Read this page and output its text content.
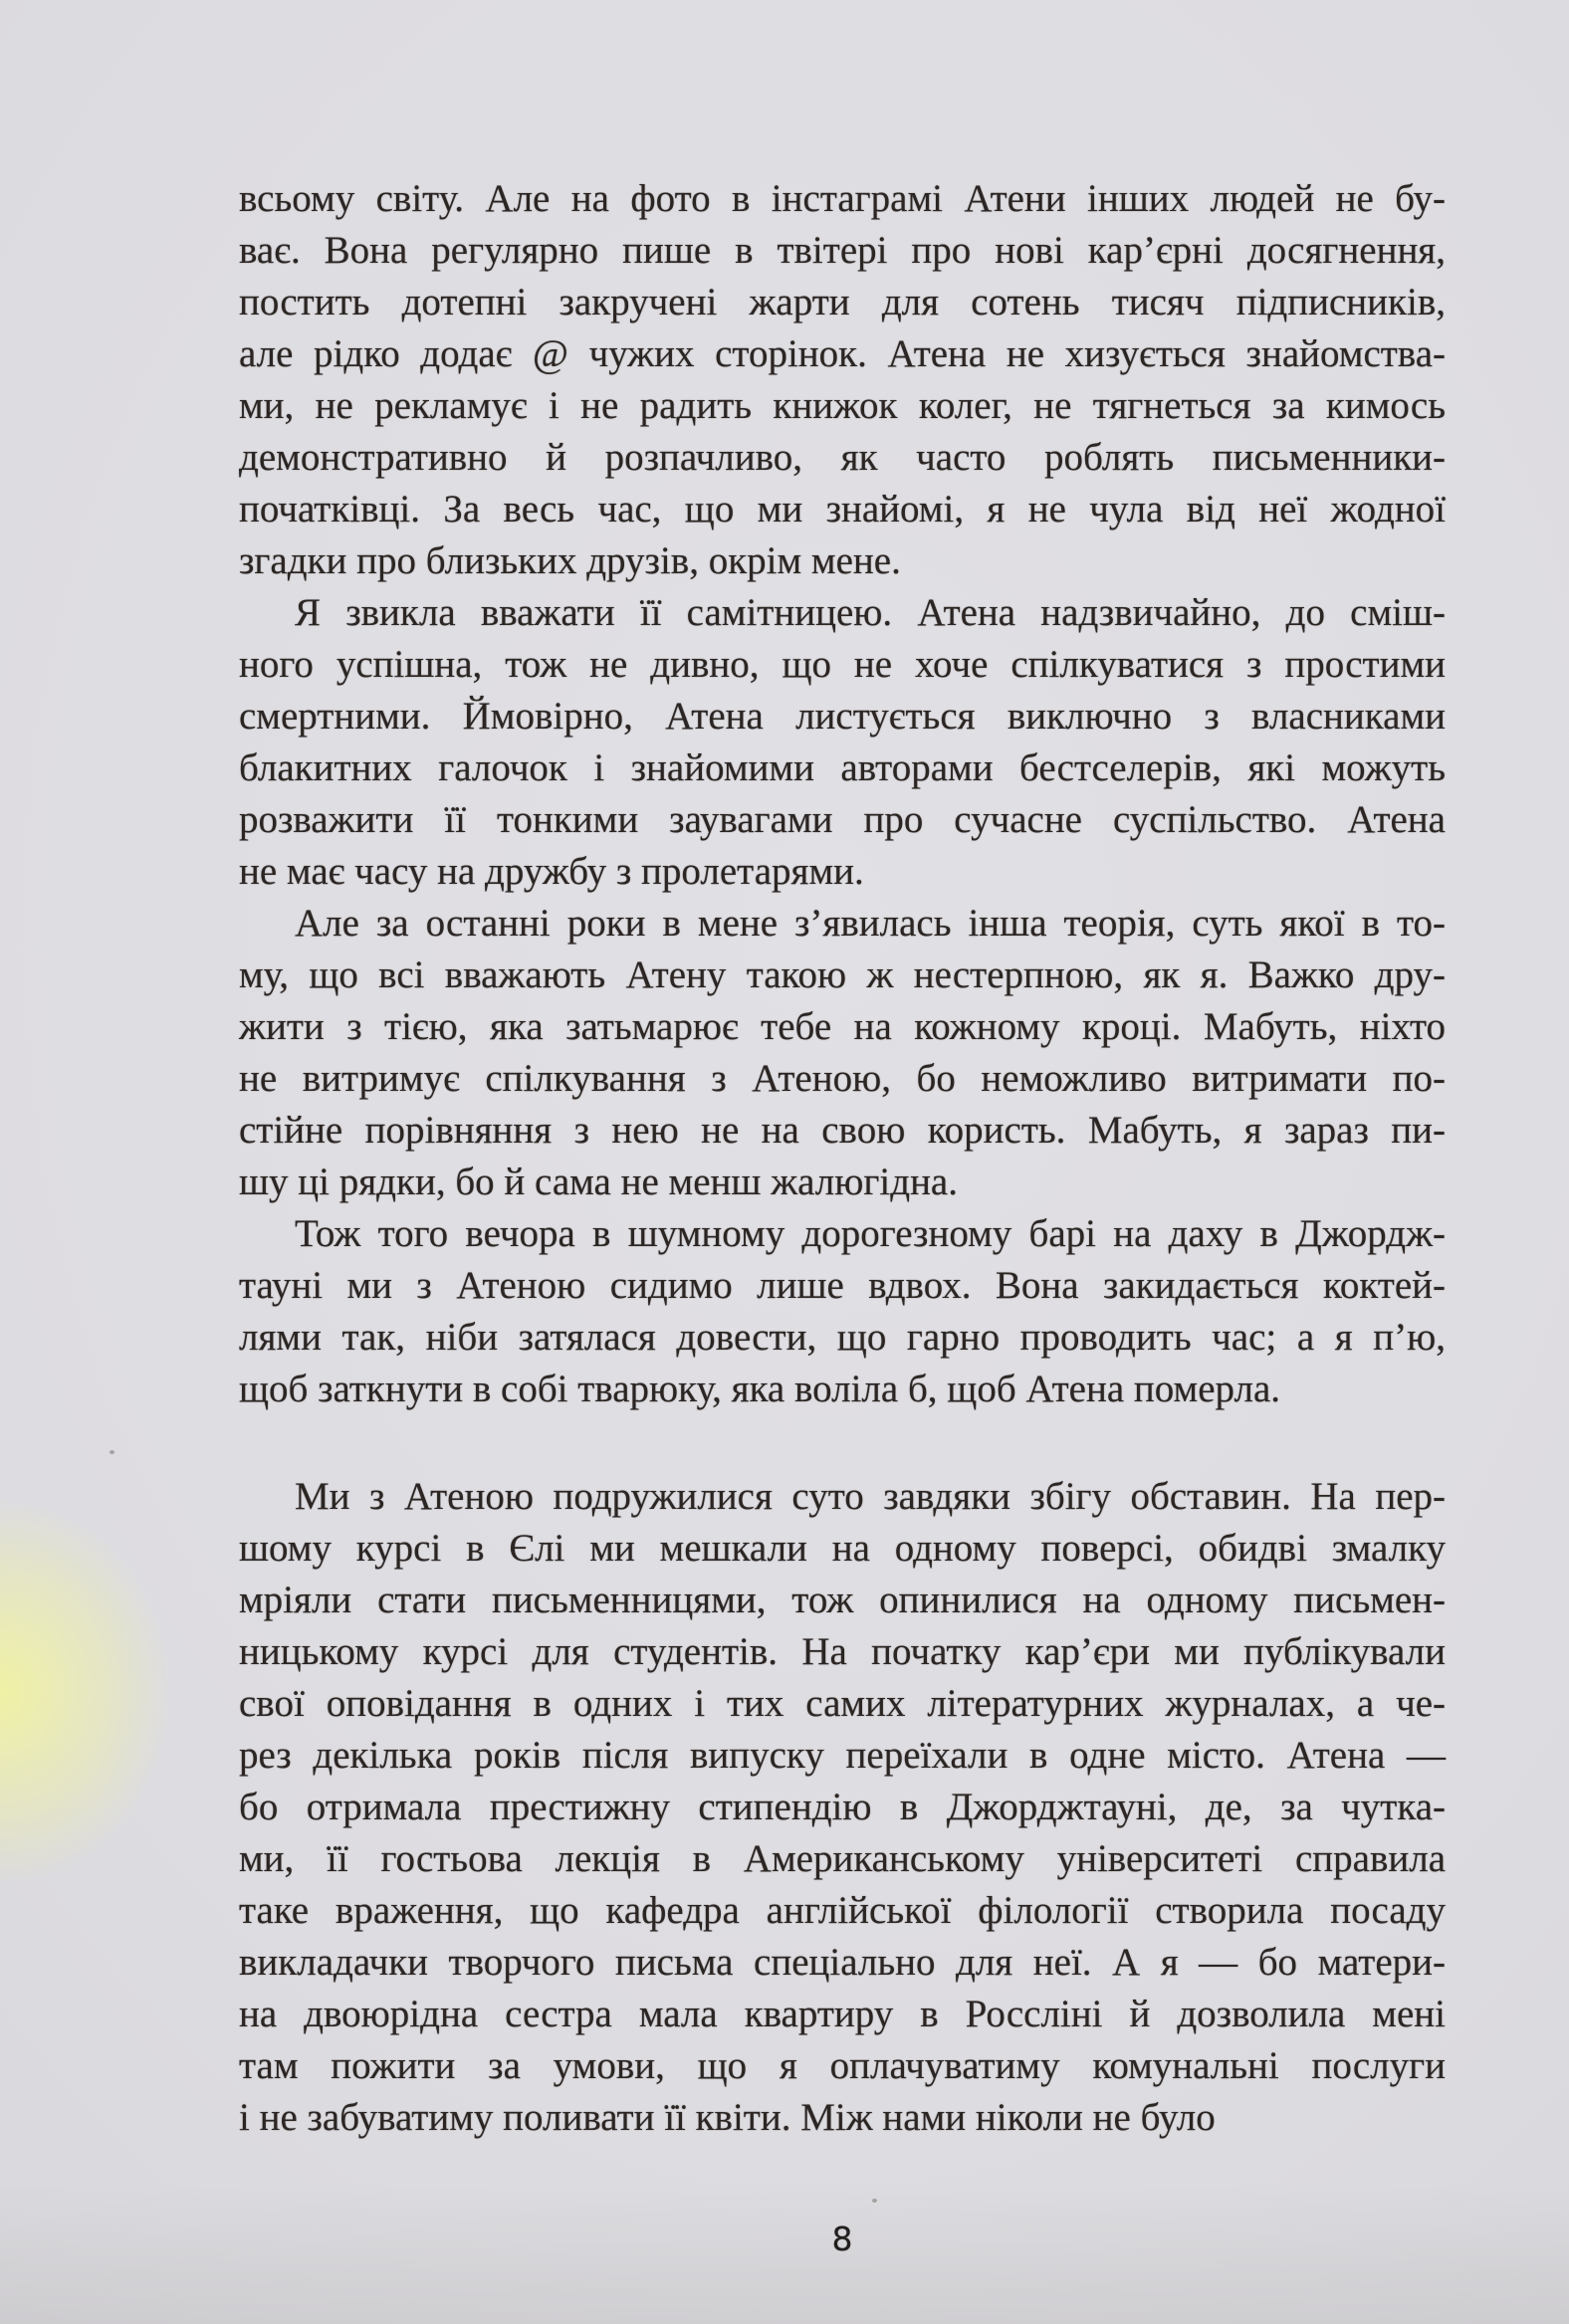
всьому світу. Але на фото в інстаграмі Атени інших людей не бу-
ває. Вона регулярно пише в твітері про нові кар’єрні досягнення,
постить дотепні закручені жарти для сотень тисяч підписників,
але рідко додає @ чужих сторінок. Атена не хизується знайомства-
ми, не рекламує і не радить книжок колег, не тягнеться за кимось
демонстративно й розпачливо, як часто роблять письменники-
початківці. За весь час, що ми знайомі, я не чула від неї жодної
згадки про близьких друзів, окрім мене.
Я звикла вважати її самітницею. Атена надзвичайно, до сміш-
ного успішна, тож не дивно, що не хоче спілкуватися з простими
смертними. Ймовірно, Атена листується виключно з власниками
блакитних галочок і знайомими авторами бестселерів, які можуть
розважити її тонкими заувагами про сучасне суспільство. Атена
не має часу на дружбу з пролетарями.
Але за останні роки в мене з’явилась інша теорія, суть якої в то-
му, що всі вважають Атену такою ж нестерпною, як я. Важко дру-
жити з тією, яка затьмарює тебе на кожному кроці. Мабуть, ніхто
не витримує спілкування з Атеною, бо неможливо витримати по-
стійне порівняння з нею не на свою користь. Мабуть, я зараз пи-
шу ці рядки, бо й сама не менш жалюгідна.
Тож того вечора в шумному дорогезному барі на даху в Джордж-
тауні ми з Атеною сидимо лише вдвох. Вона закидається коктей-
лями так, ніби затялася довести, що гарно проводить час; а я п’ю,
щоб заткнути в собі тварюку, яка воліла б, щоб Атена померла.
Ми з Атеною подружилися суто завдяки збігу обставин. На пер-
шому курсі в Єлі ми мешкали на одному поверсі, обидві змалку
мріяли стати письменницями, тож опинилися на одному письмен-
ницькому курсі для студентів. На початку кар’єри ми публікували
свої оповідання в одних і тих самих літературних журналах, а че-
рез декілька років після випуску переїхали в одне місто. Атена —
бо отримала престижну стипендію в Джорджтауні, де, за чутка-
ми, її гостьова лекція в Американському університеті справила
таке враження, що кафедра англійської філології створила посаду
викладачки творчого письма спеціально для неї. А я — бо матери-
на двоюрідна сестра мала квартиру в Россліні й дозволила мені
там пожити за умови, що я оплачуватиму комунальні послуги
і не забуватиму поливати її квіти. Між нами ніколи не було
8
